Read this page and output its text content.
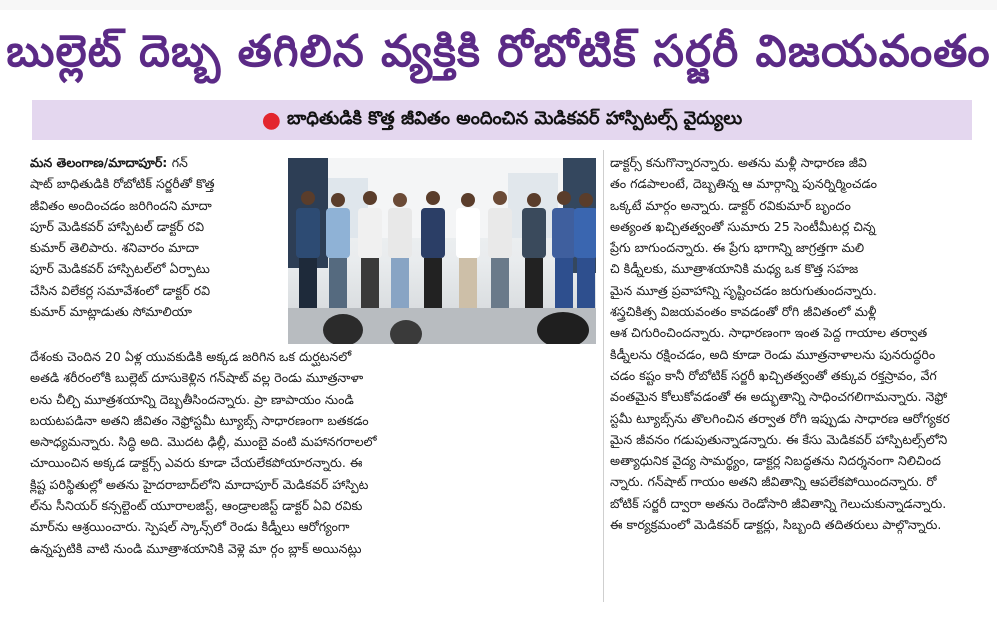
బుల్లెట్ దెబ్బ తగిలిన వ్యక్తికి రోబోటిక్ సర్జరీ విజయవంతం
● బాధితుడికి కొత్త జీవితం అందించిన మెడికవర్ హాస్పిటల్స్ వైద్యులు
మన తెలంగాణ/మాదాపూర్: గన్
షాట్ బాధితుడికి రోబోటిక్ సర్జరీతో కొత్త
జీవితం అందించడం జరిగిందని మాదా
పూర్ మెడికవర్ హాస్పిటల్ డాక్టర్ రవి
కుమార్ తెలిపారు. శనివారం మాదా
పూర్ మెడికవర్ హాస్పిటల్‌లో ఏర్పాటు
చేసిన విలేకర్ల సమావేశంలో డాక్టర్ రవి
కుమార్ మాట్లాడుతు సోమాలియా
దేశంకు చెందిన 20 ఏళ్ల యువకుడికి అక్కడ జరిగిన ఒక దుర్ఘటనలో
అతడి శరీరంలోకి బుల్లెట్ దూసుకెళ్లిన గన్‌షాట్ వల్ల రెండు మూత్రనాళా
లను చీల్చి మూత్రశయాన్ని దెబ్బతీసిందన్నారు. ప్రా ణాపాయం నుండి
బయటపడినా అతని జీవితం నెఫ్రోస్టమీ ట్యూబ్స్ సాధారణంగా బతకడం
అసాధ్యమన్నారు. సిద్ధి అది. మొదట ఢిల్లీ, ముంబై వంటి మహానగరాలలో
చూయించిన అక్కడ డాక్టర్స్ ఎవరు కూడా చేయలేకపోయారన్నారు. ఈ
క్లిష్ట పరిస్థితుల్లో అతను హైదరాబాద్‌లోని మాదాపూర్ మెడికవర్ హాస్పిట
ల్‌ను సీనియర్ కన్సల్టెంట్ యూరాలజిస్ట్, ఆండ్రాలజిస్ట్ డాక్టర్ ఏవి రవికు
మార్‌ను ఆశ్రయించారు. స్పెషల్ స్కాన్స్‌లో రెండు కిడ్నీలు ఆరోగ్యంగా
ఉన్నప్పటికి వాటి నుండి మూత్రాశయానికి వెళ్లె మా ర్గం బ్లాక్ అయినట్లు
డాక్టర్స్ కనుగొన్నారన్నారు. అతను మళ్లీ సాధారణ జీవి
తం గడపాలంటే, దెబ్బతిన్న ఆ మార్గాన్ని పునర్నిర్మించడం
ఒక్కటే మార్గం అన్నారు. డాక్టర్ రవికుమార్ బృందం
అత్యంత ఖచ్చితత్వంతో సుమారు 25 సెంటీమీటర్ల చిన్న
ప్రేగు బాగుందన్నారు. ఈ ప్రేగు భాగాన్ని జాగ్రత్తగా మలి
చి కిడ్నీలకు, మూత్రాశయానికి మధ్య ఒక కొత్త సహజ
మైన మూత్ర ప్రవాహాన్ని సృష్టించడం జరుగుతుందన్నారు.
శస్త్రచికిత్స విజయవంతం కావడంతో రోగి జీవితంలో మళ్లీ
ఆశ చిగురించిందన్నారు. సాధారణంగా ఇంత పెద్ద గాయాల తర్వాత
కిడ్నీలను రక్షించడం, అది కూడా రెండు మూత్రనాళాలను పునరుద్ధరిం
చడం కష్టం కానీ రోబోటిక్ సర్జరీ ఖచ్చితత్వంతో తక్కువ రక్తస్రావం, వేగ
వంతమైన కోలుకోవడంతో ఈ అద్భుతాన్ని సాధించగలిగామన్నారు. నెఫ్రో
స్టమీ ట్యూబ్స్‌ను తొలగించిన తర్వాత రోగి ఇప్పుడు సాధారణ ఆరోగ్యకర
మైన జీవనం గడుపుతున్నాడన్నారు. ఈ కేసు మెడికవర్ హాస్పిటల్స్‌లోని
అత్యాధునిక వైద్య సామర్థ్యం, డాక్టర్ల నిబద్ధతను నిదర్శనంగా నిలిచింద
న్నారు. గన్‌షాట్ గాయం అతని జీవితాన్ని ఆపలేకపోయిందన్నారు. రో
బోటిక్ సర్జరీ ద్వారా అతను రెండోసారి జీవితాన్ని గెలుచుకున్నాడన్నారు.
ఈ కార్యక్రమంలో మెడికవర్ డాక్టర్లు, సిబ్బంది తదితరులు పాల్గొన్నారు.
